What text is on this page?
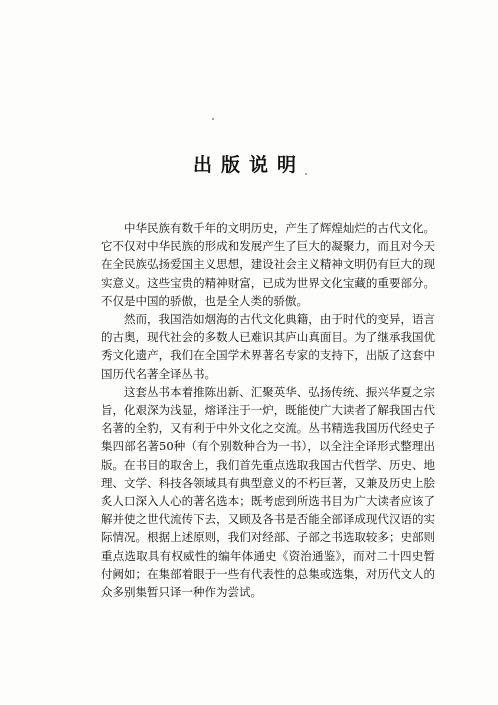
出版说明

中华民族有数千年的文明历史，产生了辉煌灿烂的古代文化。它不仅对中华民族的形成和发展产生了巨大的凝聚力，而且对今天在全民族弘扬爱国主义思想，建设社会主义精神文明仍有巨大的现实意义。这些宝贵的精神财富，已成为世界文化宝藏的重要部分。不仅是中国的骄傲，也是全人类的骄傲。

然而，我国浩如烟海的古代文化典籍，由于时代的变异，语言的古奥，现代社会的多数人已难识其庐山真面目。为了继承我国优秀文化遗产，我们在全国学术界著名专家的支持下，出版了这套中国历代名著全译丛书。

这套丛书本着推陈出新、汇聚英华、弘扬传统、振兴华夏之宗旨，化艰深为浅显，熔译注于一炉，既能使广大读者了解我国古代名著的全豹，又有利于中外文化之交流。丛书精选我国历代经史子集四部名著50种（有个别数种合为一书），以全注全译形式整理出版。在书目的取舍上，我们首先重点选取我国古代哲学、历史、地理、文学、科技各领域具有典型意义的不朽巨著，又兼及历史上脍炙人口深入人心的著名选本；既考虑到所选书目为广大读者应该了解并使之世代流传下去，又顾及各书是否能全部译成现代汉语的实际情况。根据上述原则，我们对经部、子部之书选取较多；史部则重点选取具有权威性的编年体通史《资治通鉴》，而对二十四史暂付阙如；在集部着眼于一些有代表性的总集或选集，对历代文人的众多别集暂只译一种作为尝试。
